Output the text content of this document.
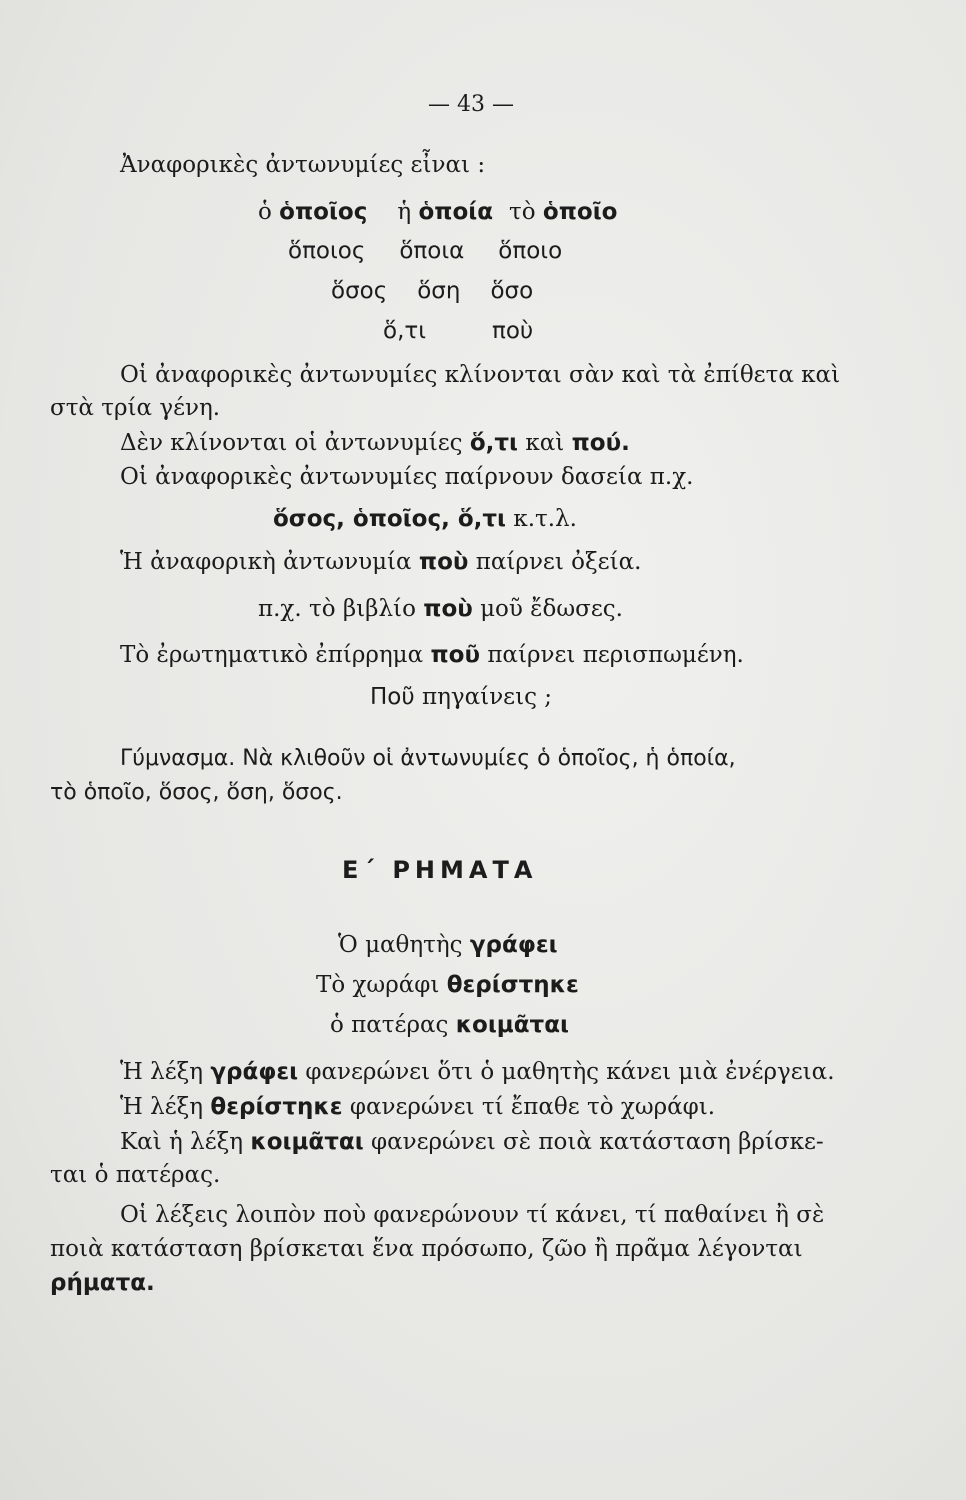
— 43 —
Ἀναφορικὲς ἀντωνυμίες εἶναι :
ὁ ὁποῖος ἡ ὁποία τὸ ὁποῖο
ὅποιος ὅποια ὅποιο
ὅσος ὅση ὅσο
ὅ,τι	ποὺ
Οἱ ἀναφορικὲς ἀντωνυμίες κλίνονται σὰν καὶ τὰ ἐπίθετα καὶ
στὰ τρία γένη.
Δὲν κλίνονται οἱ ἀντωνυμίες ὅ,τι καὶ πού.
Οἱ ἀναφορικὲς ἀντωνυμίες παίρνουν δασεία π.χ.
ὅσος, ὁποῖος, ὅ,τι κ.τ.λ.
Ἡ ἀναφορικὴ ἀντωνυμία ποὺ παίρνει ὀξεία.
π.χ. τὸ βιβλίο ποὺ μοῦ ἔδωσες.
Τὸ ἐρωτηματικὸ ἐπίρρημα ποῦ παίρνει περισπωμένη.
Ποῦ πηγαίνεις ;
Γύμνασμα. Νὰ κλιθοῦν οἱ ἀντωνυμίες ὁ ὁποῖος, ἡ ὁποία,
τὸ ὁποῖο, ὅσος, ὅση, ὅσος.
Ε΄ ΡΗΜΑΤΑ
Ὁ μαθητὴς γράφει
Τὸ χωράφι θερίστηκε
ὁ πατέρας κοιμᾶται
Ἡ λέξη γράφει φανερώνει ὅτι ὁ μαθητὴς κάνει μιὰ ἐνέργεια.
Ἡ λέξη θερίστηκε φανερώνει τί ἔπαθε τὸ χωράφι.
Καὶ ἡ λέξη κοιμᾶται φανερώνει σὲ ποιὰ κατάσταση βρίσκε-
ται ὁ πατέρας.
Οἱ λέξεις λοιπὸν ποὺ φανερώνουν τί κάνει, τί παθαίνει ἢ σὲ
ποιὰ κατάσταση βρίσκεται ἕνα πρόσωπο, ζῶο ἢ πρᾶμα λέγονται
ρήματα.
